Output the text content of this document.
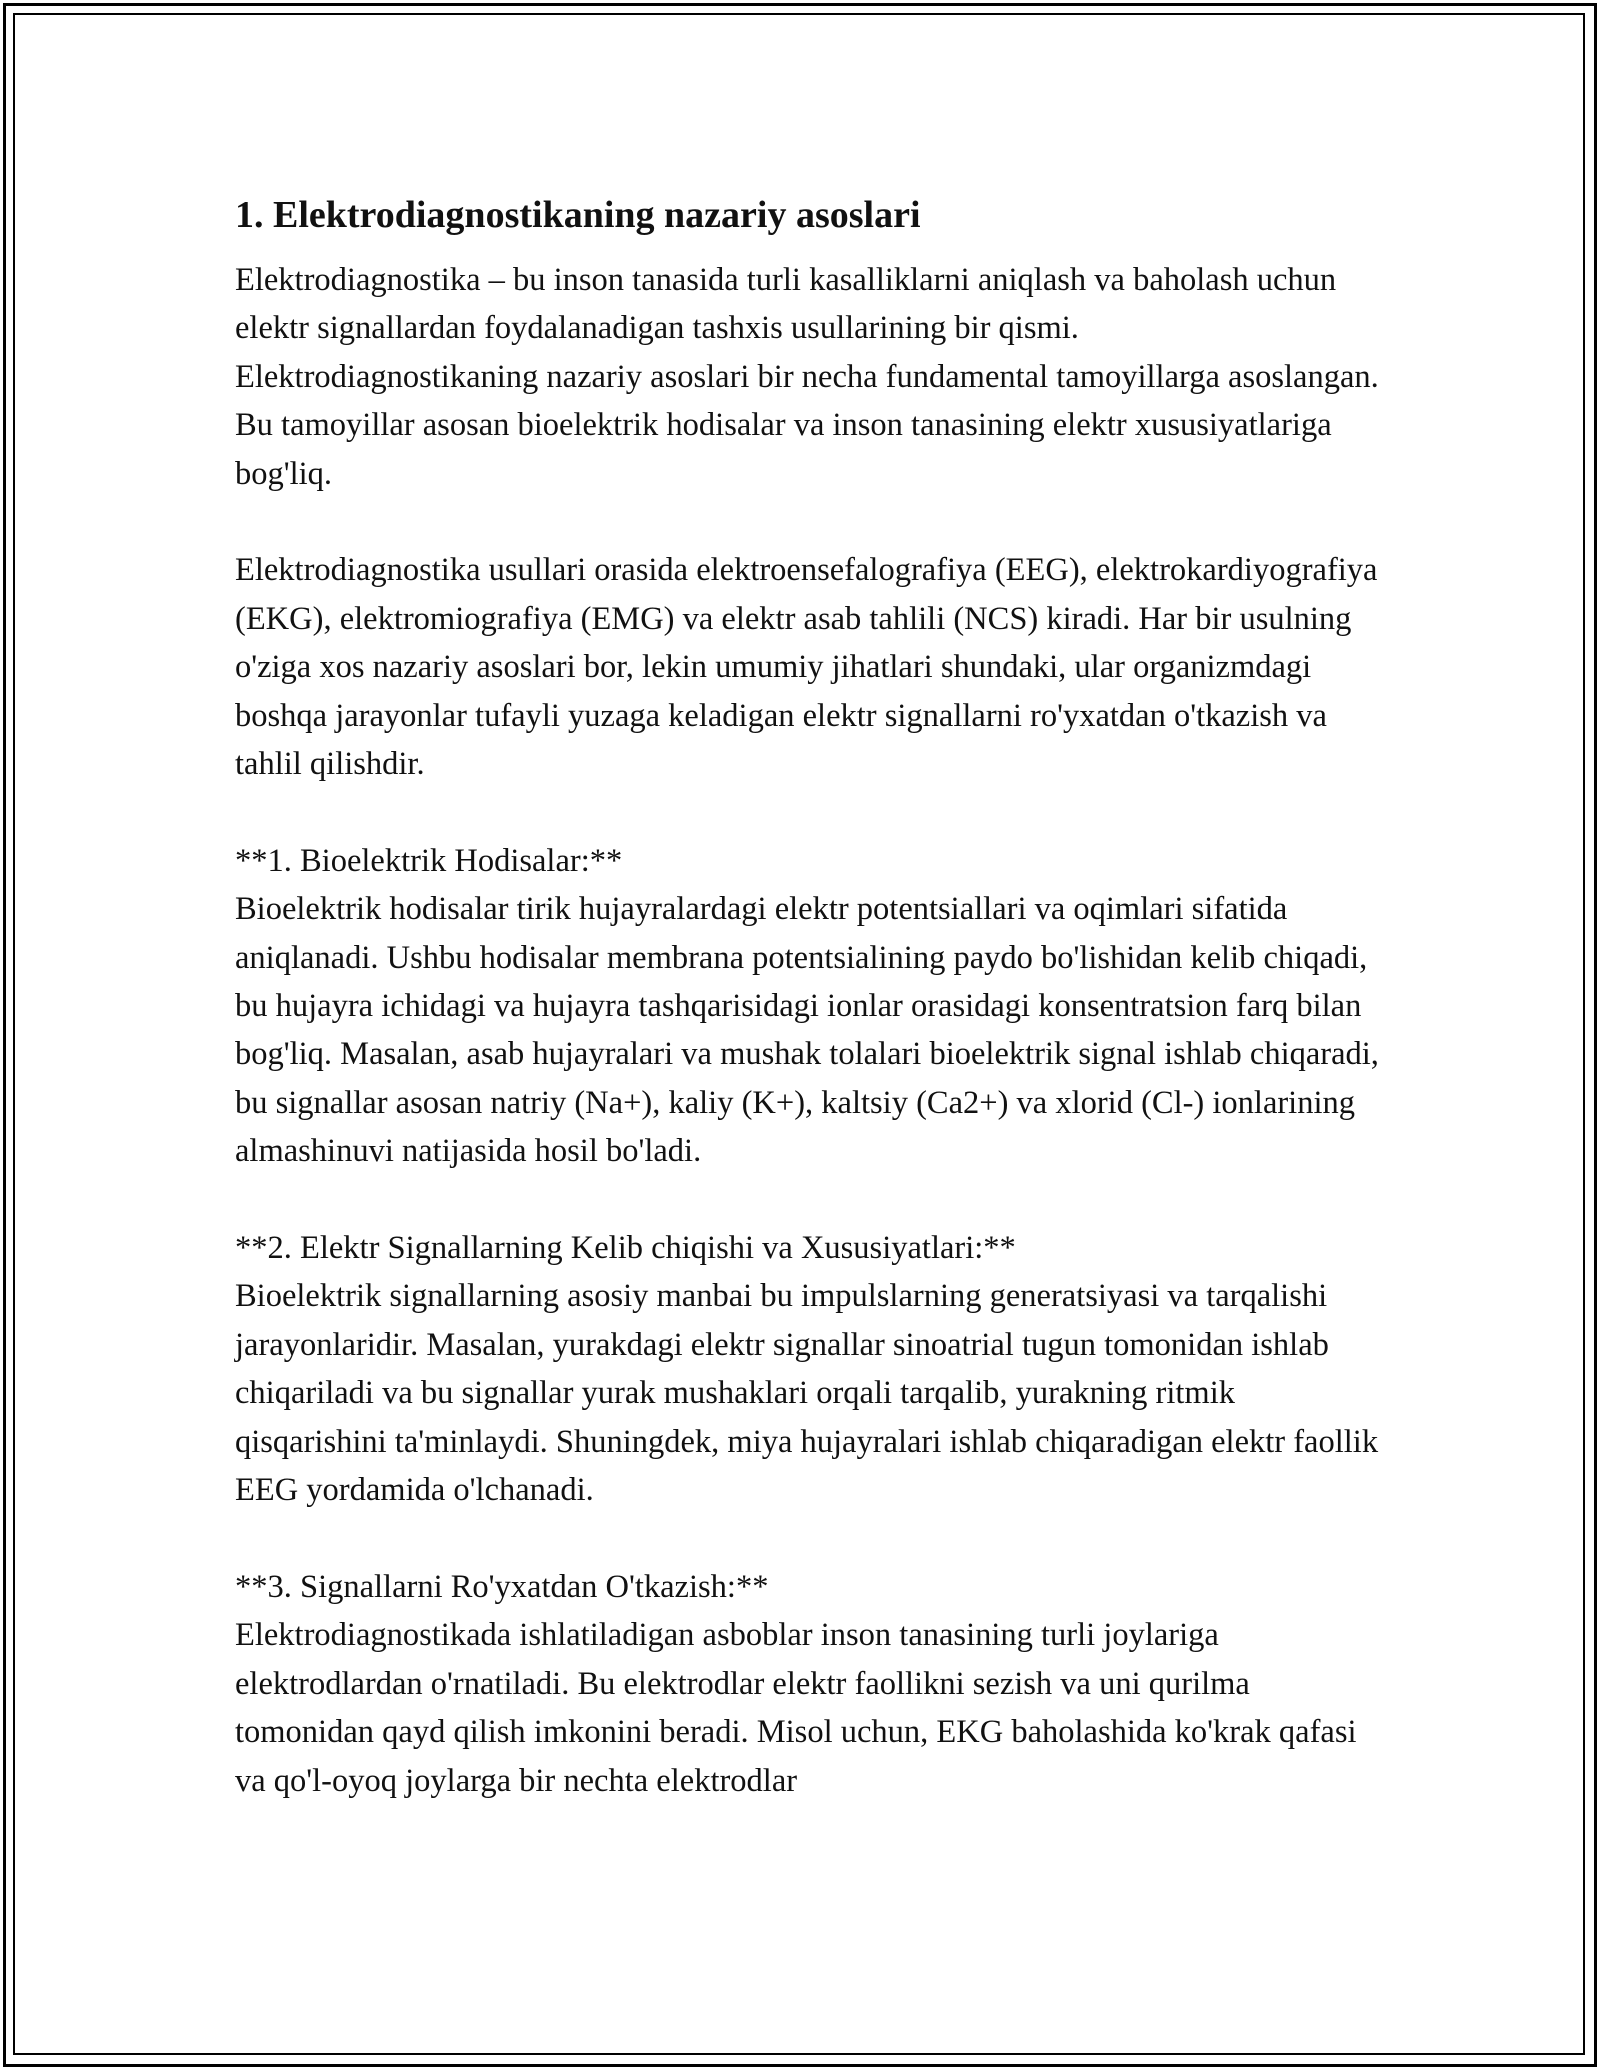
1. Elektrodiagnostikaning nazariy asoslari

Elektrodiagnostika – bu inson tanasida turli kasalliklarni aniqlash va baholash uchun elektr signallardan foydalanadigan tashxis usullarining bir qismi. Elektrodiagnostikaning nazariy asoslari bir necha fundamental tamoyillarga asoslangan. Bu tamoyillar asosan bioelektrik hodisalar va inson tanasining elektr xususiyatlariga bog'liq.

Elektrodiagnostika usullari orasida elektroensefalografiya (EEG), elektrokardiyografiya (EKG), elektromiografiya (EMG) va elektr asab tahlili (NCS) kiradi. Har bir usulning o'ziga xos nazariy asoslari bor, lekin umumiy jihatlari shundaki, ular organizmdagi boshqa jarayonlar tufayli yuzaga keladigan elektr signallarni ro'yxatdan o'tkazish va tahlil qilishdir.

**1. Bioelektrik Hodisalar:**
Bioelektrik hodisalar tirik hujayralardagi elektr potentsiallari va oqimlari sifatida aniqlanadi. Ushbu hodisalar membrana potentsialining paydo bo'lishidan kelib chiqadi, bu hujayra ichidagi va hujayra tashqarisidagi ionlar orasidagi konsentratsion farq bilan bog'liq. Masalan, asab hujayralari va mushak tolalari bioelektrik signal ishlab chiqaradi, bu signallar asosan natriy (Na+), kaliy (K+), kaltsiy (Ca2+) va xlorid (Cl-) ionlarining almashinuvi natijasida hosil bo'ladi.
**2. Elektr Signallarning Kelib chiqishi va Xususiyatlari:**
Bioelektrik signallarning asosiy manbai bu impulslarning generatsiyasi va tarqalishi jarayonlaridir. Masalan, yurakdagi elektr signallar sinoatrial tugun tomonidan ishlab chiqariladi va bu signallar yurak mushaklari orqali tarqalib, yurakning ritmik qisqarishini ta'minlaydi. Shuningdek, miya hujayralari ishlab chiqaradigan elektr faollik EEG yordamida o'lchanadi.
**3. Signallarni Ro'yxatdan O'tkazish:**
Elektrodiagnostikada ishlatiladigan asboblar inson tanasining turli joylariga elektrodlardan o'rnatiladi. Bu elektrodlar elektr faollikni sezish va uni qurilma tomonidan qayd qilish imkonini beradi. Misol uchun, EKG baholashida ko'krak qafasi va qo'l-oyoq joylarga bir nechta elektrodlar
